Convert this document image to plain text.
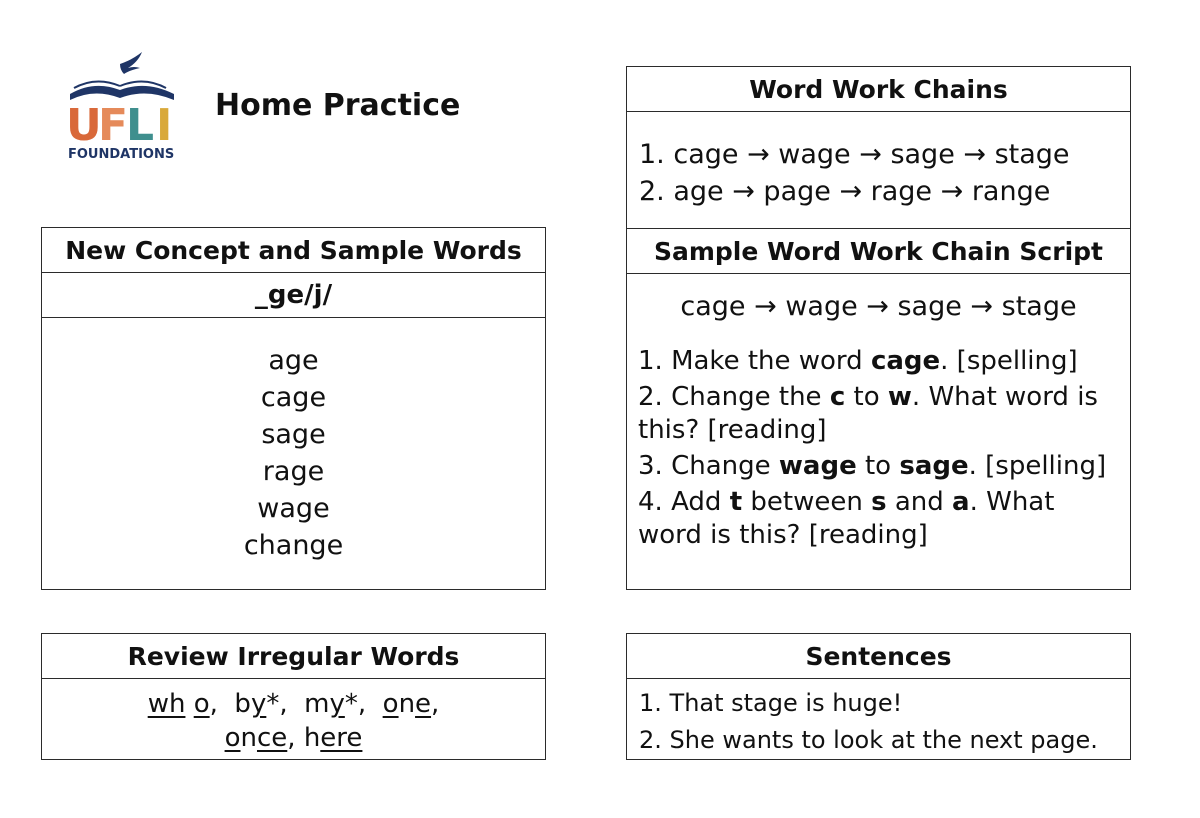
U
F
L I
FOUNDATIONS
Home Practice
New Concept and Sample Words
_ ge /j/
age
cage
sage
rage
wage
change
Word Work Chains
1. cage → wage → sage → stage
2. age → page → rage → range
Sample Word Work Chain Script
cage → wage → sage → stage
1. Make the word cage. [spelling]
2. Change the c to w. What word is this? [reading]
3. Change wage to sage. [spelling]
4. Add t between s and a. What word is this? [reading]
Review Irregular Words
wh o,  by*,  my*,  one,
once, here
Sentences
1. That stage is huge!
2. She wants to look at the next page.
